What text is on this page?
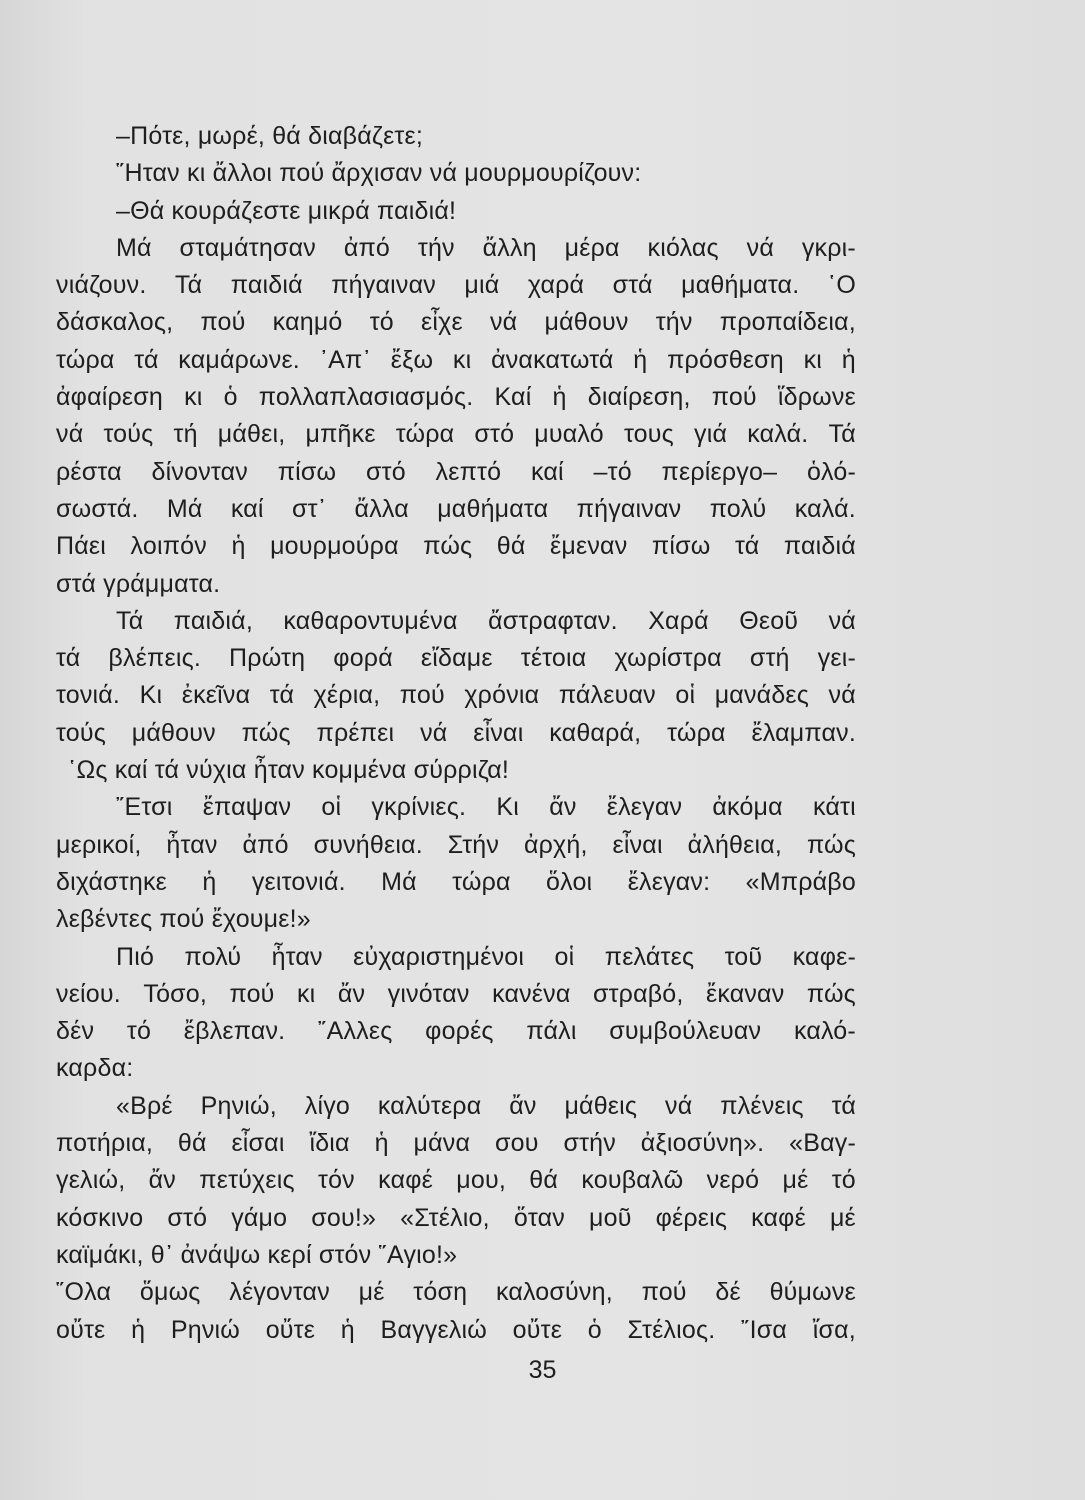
–Πότε, μωρέ, θά διαβάζετε;
῞Ηταν κι ἄλλοι πού ἄρχισαν νά μουρμουρίζουν:
–Θά κουράζεστε μικρά παιδιά!
Μά σταμάτησαν ἀπό τήν ἄλλη μέρα κιόλας νά γκρι-
νιάζουν. Τά παιδιά πήγαιναν μιά χαρά στά μαθήματα. ῾Ο
δάσκαλος, πού καημό τό εἶχε νά μάθουν τήν προπαίδεια,
τώρα τά καμάρωνε. ᾿Απ᾿ ἔξω κι ἀνακατωτά ἡ πρόσθεση κι ἡ
ἀφαίρεση κι ὁ πολλαπλασιασμός. Καί ἡ διαίρεση, πού ἵδρωνε
νά τούς τή μάθει, μπῆκε τώρα στό μυαλό τους γιά καλά. Τά
ρέστα δίνονταν πίσω στό λεπτό καί –τό περίεργο– ὁλό-
σωστά. Μά καί στ᾿ ἄλλα μαθήματα πήγαιναν πολύ καλά.
Πάει λοιπόν ἡ μουρμούρα πώς θά ἔμεναν πίσω τά παιδιά
στά γράμματα.
Τά παιδιά, καθαροντυμένα ἄστραφταν. Χαρά Θεοῦ νά
τά βλέπεις. Πρώτη φορά εἴδαμε τέτοια χωρίστρα στή γει-
τονιά. Κι ἐκεῖνα τά χέρια, πού χρόνια πάλευαν οἱ μανάδες νά
τούς μάθουν πώς πρέπει νά εἶναι καθαρά, τώρα ἔλαμπαν.
῾Ως καί τά νύχια ἦταν κομμένα σύρριζα!
῎Ετσι ἔπαψαν οἱ γκρίνιες. Κι ἄν ἔλεγαν ἀκόμα κάτι
μερικοί, ἦταν ἀπό συνήθεια. Στήν ἀρχή, εἶναι ἀλήθεια, πώς
διχάστηκε ἡ γειτονιά. Μά τώρα ὅλοι ἔλεγαν: «Μπράβο
λεβέντες πού ἔχουμε!»
Πιό πολύ ἦταν εὐχαριστημένοι οἱ πελάτες τοῦ καφε-
νείου. Τόσο, πού κι ἄν γινόταν κανένα στραβό, ἔκαναν πώς
δέν τό ἔβλεπαν. ῎Αλλες φορές πάλι συμβούλευαν καλό-
καρδα:
«Βρέ Ρηνιώ, λίγο καλύτερα ἄν μάθεις νά πλένεις τά
ποτήρια, θά εἶσαι ἴδια ἡ μάνα σου στήν ἀξιοσύνη». «Βαγ-
γελιώ, ἄν πετύχεις τόν καφέ μου, θά κουβαλῶ νερό μέ τό
κόσκινο στό γάμο σου!» «Στέλιο, ὅταν μοῦ φέρεις καφέ μέ
καϊμάκι, θ᾿ ἀνάψω κερί στόν ῞Αγιο!»
῞Ολα ὅμως λέγονταν μέ τόση καλοσύνη, πού δέ θύμωνε
οὔτε ἡ Ρηνιώ οὔτε ἡ Βαγγελιώ οὔτε ὁ Στέλιος. ῎Ισα ἴσα,
35
